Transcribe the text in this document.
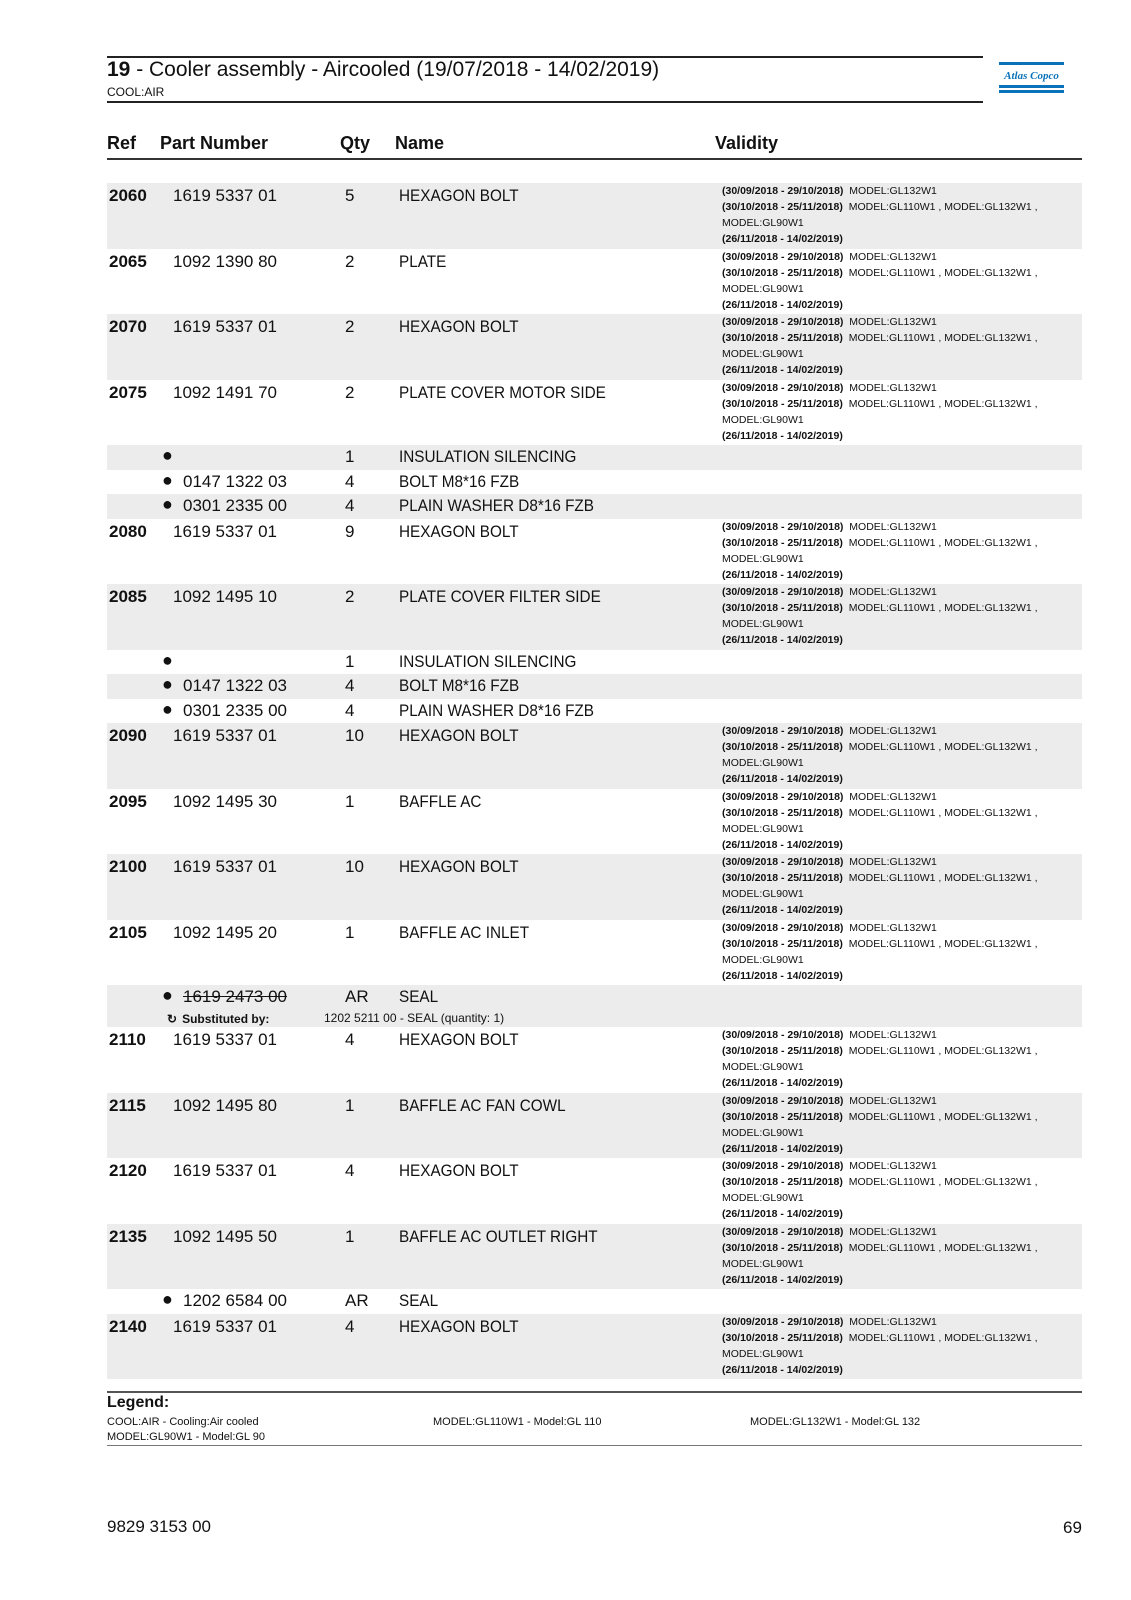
19 - Cooler assembly - Aircooled (19/07/2018 - 14/02/2019)
COOL:AIR
Atlas Copco
Ref Part Number	Qty Name	Validity
2060 1619 5337 01	5	HEXAGON BOLT	(30/09/2018 - 29/10/2018) MODEL:GL132W1
(30/10/2018 - 25/11/2018) MODEL:GL110W1 , MODEL:GL132W1 ,
MODEL:GL90W1
(26/11/2018 - 14/02/2019)
2065 1092 1390 80	2	PLATE	(30/09/2018 - 29/10/2018) MODEL:GL132W1
(30/10/2018 - 25/11/2018) MODEL:GL110W1 , MODEL:GL132W1 ,
MODEL:GL90W1
(26/11/2018 - 14/02/2019)
2070 1619 5337 01	2	HEXAGON BOLT	(30/09/2018 - 29/10/2018) MODEL:GL132W1
(30/10/2018 - 25/11/2018) MODEL:GL110W1 , MODEL:GL132W1 ,
MODEL:GL90W1
(26/11/2018 - 14/02/2019)
2075 1092 1491 70	2	PLATE COVER MOTOR SIDE	(30/09/2018 - 29/10/2018) MODEL:GL132W1
(30/10/2018 - 25/11/2018) MODEL:GL110W1 , MODEL:GL132W1 ,
MODEL:GL90W1
(26/11/2018 - 14/02/2019)
●	1	INSULATION SILENCING
● 0147 1322 03	4	BOLT M8*16 FZB
● 0301 2335 00	4	PLAIN WASHER D8*16 FZB
2080 1619 5337 01	9	HEXAGON BOLT	(30/09/2018 - 29/10/2018) MODEL:GL132W1
(30/10/2018 - 25/11/2018) MODEL:GL110W1 , MODEL:GL132W1 ,
MODEL:GL90W1
(26/11/2018 - 14/02/2019)
2085 1092 1495 10	2	PLATE COVER FILTER SIDE	(30/09/2018 - 29/10/2018) MODEL:GL132W1
(30/10/2018 - 25/11/2018) MODEL:GL110W1 , MODEL:GL132W1 ,
MODEL:GL90W1
(26/11/2018 - 14/02/2019)
●	1	INSULATION SILENCING
● 0147 1322 03	4	BOLT M8*16 FZB
● 0301 2335 00	4	PLAIN WASHER D8*16 FZB
2090 1619 5337 01	10 HEXAGON BOLT	(30/09/2018 - 29/10/2018) MODEL:GL132W1
(30/10/2018 - 25/11/2018) MODEL:GL110W1 , MODEL:GL132W1 ,
MODEL:GL90W1
(26/11/2018 - 14/02/2019)
2095 1092 1495 30	1	BAFFLE AC	(30/09/2018 - 29/10/2018) MODEL:GL132W1
(30/10/2018 - 25/11/2018) MODEL:GL110W1 , MODEL:GL132W1 ,
MODEL:GL90W1
(26/11/2018 - 14/02/2019)
2100 1619 5337 01	10 HEXAGON BOLT	(30/09/2018 - 29/10/2018) MODEL:GL132W1
(30/10/2018 - 25/11/2018) MODEL:GL110W1 , MODEL:GL132W1 ,
MODEL:GL90W1
(26/11/2018 - 14/02/2019)
2105 1092 1495 20	1	BAFFLE AC INLET	(30/09/2018 - 29/10/2018) MODEL:GL132W1
(30/10/2018 - 25/11/2018) MODEL:GL110W1 , MODEL:GL132W1 ,
MODEL:GL90W1
(26/11/2018 - 14/02/2019)
● 1619 2473 00	AR SEAL
↻ Substituted by:	1202 5211 00 - SEAL (quantity: 1)
2110 1619 5337 01	4	HEXAGON BOLT	(30/09/2018 - 29/10/2018) MODEL:GL132W1
(30/10/2018 - 25/11/2018) MODEL:GL110W1 , MODEL:GL132W1 ,
MODEL:GL90W1
(26/11/2018 - 14/02/2019)
2115 1092 1495 80	1	BAFFLE AC FAN COWL	(30/09/2018 - 29/10/2018) MODEL:GL132W1
(30/10/2018 - 25/11/2018) MODEL:GL110W1 , MODEL:GL132W1 ,
MODEL:GL90W1
(26/11/2018 - 14/02/2019)
2120 1619 5337 01	4	HEXAGON BOLT	(30/09/2018 - 29/10/2018) MODEL:GL132W1
(30/10/2018 - 25/11/2018) MODEL:GL110W1 , MODEL:GL132W1 ,
MODEL:GL90W1
(26/11/2018 - 14/02/2019)
2135 1092 1495 50	1	BAFFLE AC OUTLET RIGHT	(30/09/2018 - 29/10/2018) MODEL:GL132W1
(30/10/2018 - 25/11/2018) MODEL:GL110W1 , MODEL:GL132W1 ,
MODEL:GL90W1
(26/11/2018 - 14/02/2019)
● 1202 6584 00	AR SEAL
2140 1619 5337 01	4	HEXAGON BOLT	(30/09/2018 - 29/10/2018) MODEL:GL132W1
(30/10/2018 - 25/11/2018) MODEL:GL110W1 , MODEL:GL132W1 ,
MODEL:GL90W1
(26/11/2018 - 14/02/2019)
Legend:
COOL:AIR - Cooling:Air cooled	MODEL:GL110W1 - Model:GL 110	MODEL:GL132W1 - Model:GL 132
MODEL:GL90W1 - Model:GL 90
9829 3153 00	69
